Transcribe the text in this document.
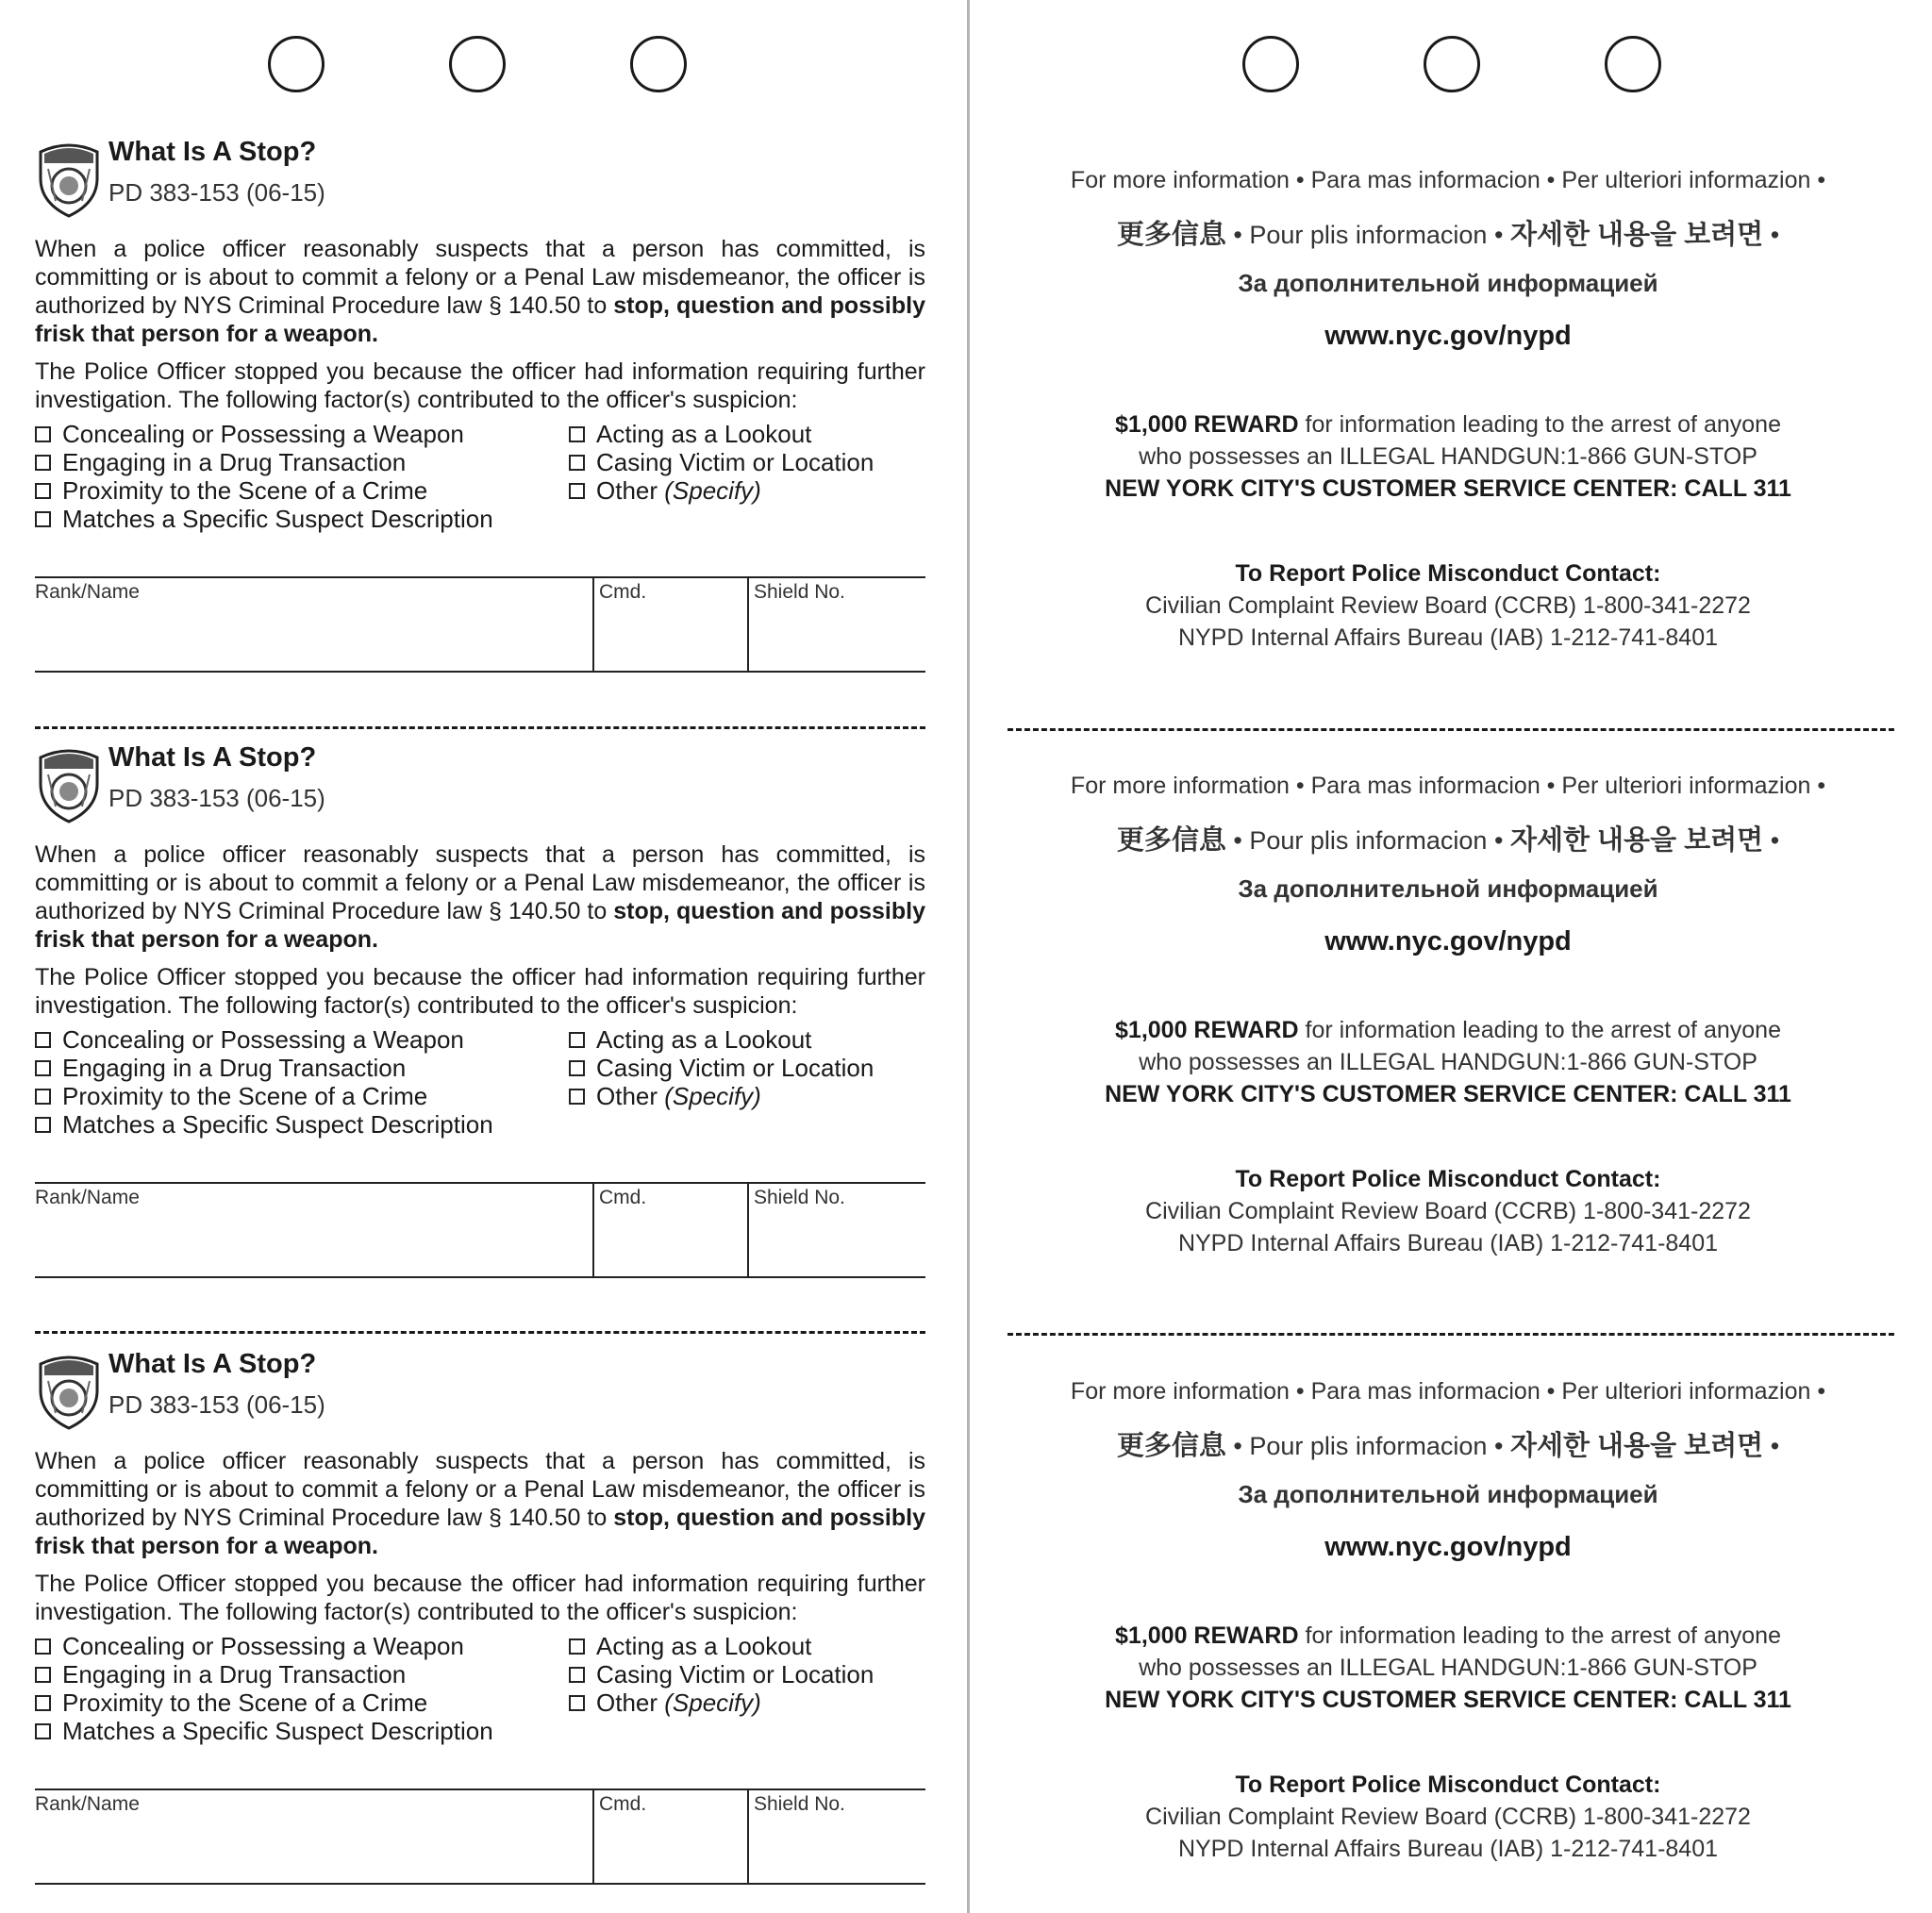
What Is A Stop?
PD 383-153 (06-15)

When a police officer reasonably suspects that a person has committed, is committing or is about to commit a felony or a Penal Law misdemeanor, the officer is authorized by NYS Criminal Procedure law § 140.50 to stop, question and possibly frisk that person for a weapon.

The Police Officer stopped you because the officer had information requiring further investigation. The following factor(s) contributed to the officer's suspicion:

Concealing or Possessing a Weapon
Engaging in a Drug Transaction
Proximity to the Scene of a Crime
Matches a Specific Suspect Description
Acting as a Lookout
Casing Victim or Location
Other
(Specify)
Rank/Name	Cmd.	Shield No.
What Is A Stop?
PD 383-153 (06-15)

When a police officer reasonably suspects that a person has committed, is committing or is about to commit a felony or a Penal Law misdemeanor, the officer is authorized by NYS Criminal Procedure law § 140.50 to stop, question and possibly frisk that person for a weapon.

The Police Officer stopped you because the officer had information requiring further investigation. The following factor(s) contributed to the officer's suspicion:

Concealing or Possessing a Weapon
Engaging in a Drug Transaction
Proximity to the Scene of a Crime
Matches a Specific Suspect Description
Acting as a Lookout
Casing Victim or Location
Other
(Specify)
Rank/Name	Cmd.	Shield No.
What Is A Stop?
PD 383-153 (06-15)

When a police officer reasonably suspects that a person has committed, is committing or is about to commit a felony or a Penal Law misdemeanor, the officer is authorized by NYS Criminal Procedure law § 140.50 to stop, question and possibly frisk that person for a weapon.

The Police Officer stopped you because the officer had information requiring further investigation. The following factor(s) contributed to the officer's suspicion:

Concealing or Possessing a Weapon
Engaging in a Drug Transaction
Proximity to the Scene of a Crime
Matches a Specific Suspect Description
Acting as a Lookout
Casing Victim or Location
Other
(Specify)
Rank/Name	Cmd.	Shield No.
For more information • Para mas informacion • Per ulteriori informazion •
更多信息 • Pour plis informacion • 자세한 내용을 보려면 •
За дополнительной информацией
www.nyc.gov/nypd
$1,000 REWARD for information leading to the arrest of anyone
who possesses an ILLEGAL HANDGUN:1-866 GUN-STOP
NEW YORK CITY'S CUSTOMER SERVICE CENTER: CALL 311
To Report Police Misconduct Contact:
Civilian Complaint Review Board (CCRB) 1-800-341-2272
NYPD Internal Affairs Bureau (IAB) 1-212-741-8401
For more information • Para mas informacion • Per ulteriori informazion •
更多信息 • Pour plis informacion • 자세한 내용을 보려면 •
За дополнительной информацией
www.nyc.gov/nypd
$1,000 REWARD for information leading to the arrest of anyone
who possesses an ILLEGAL HANDGUN:1-866 GUN-STOP
NEW YORK CITY'S CUSTOMER SERVICE CENTER: CALL 311
To Report Police Misconduct Contact:
Civilian Complaint Review Board (CCRB) 1-800-341-2272
NYPD Internal Affairs Bureau (IAB) 1-212-741-8401
For more information • Para mas informacion • Per ulteriori informazion •
更多信息 • Pour plis informacion • 자세한 내용을 보려면 •
За дополнительной информацией
www.nyc.gov/nypd
$1,000 REWARD for information leading to the arrest of anyone
who possesses an ILLEGAL HANDGUN:1-866 GUN-STOP
NEW YORK CITY'S CUSTOMER SERVICE CENTER: CALL 311
To Report Police Misconduct Contact:
Civilian Complaint Review Board (CCRB) 1-800-341-2272
NYPD Internal Affairs Bureau (IAB) 1-212-741-8401
